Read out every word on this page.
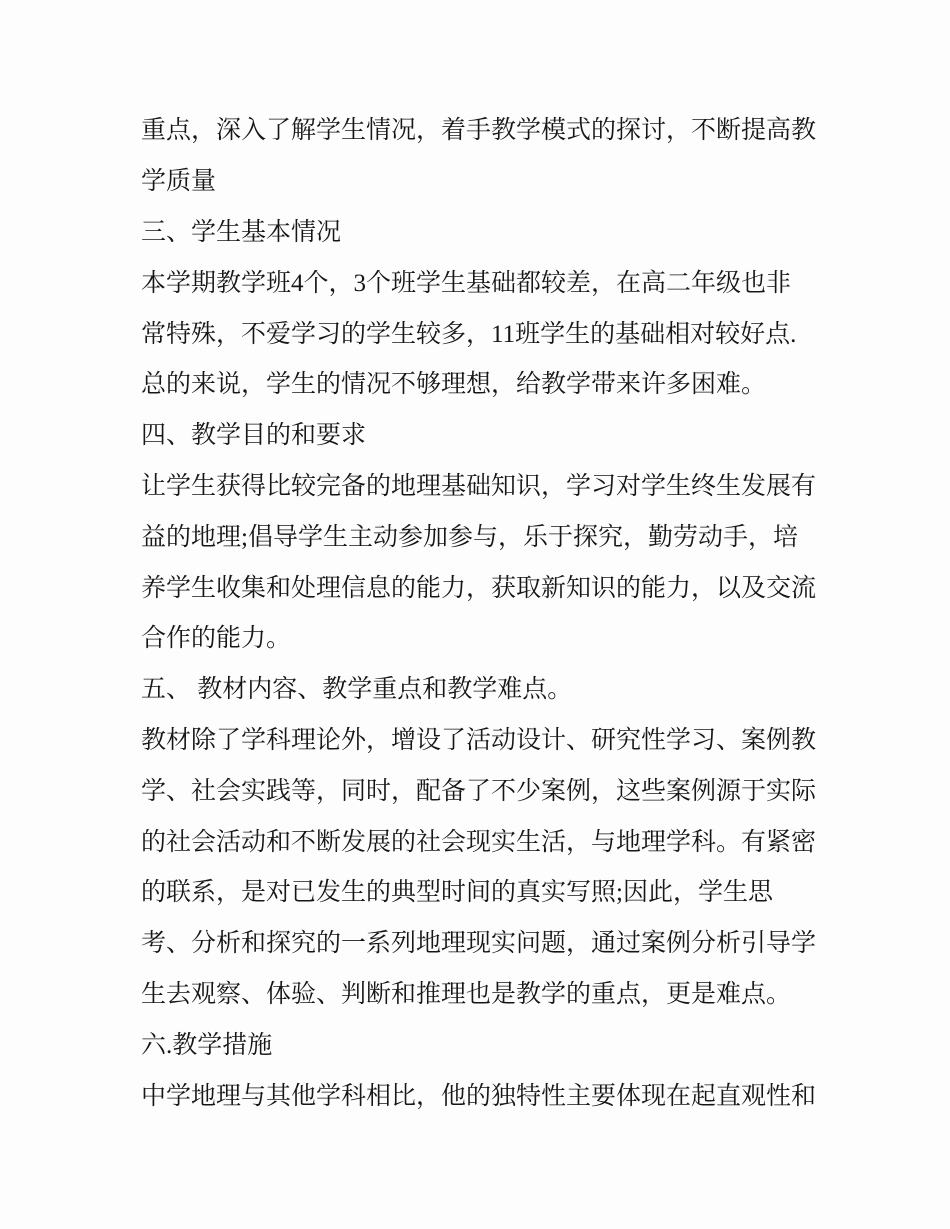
重点，深入了解学生情况，着手教学模式的探讨，不断提高教
学质量
三、学生基本情况
本学期教学班4个，3个班学生基础都较差，在高二年级也非
常特殊，不爱学习的学生较多，11班学生的基础相对较好点.
总的来说，学生的情况不够理想，给教学带来许多困难。
四、教学目的和要求
让学生获得比较完备的地理基础知识，学习对学生终生发展有
益的地理;倡导学生主动参加参与，乐于探究，勤劳动手，培
养学生收集和处理信息的能力，获取新知识的能力，以及交流
合作的能力。
五、 教材内容、教学重点和教学难点。
教材除了学科理论外，增设了活动设计、研究性学习、案例教
学、社会实践等，同时，配备了不少案例，这些案例源于实际
的社会活动和不断发展的社会现实生活，与地理学科。有紧密
的联系，是对已发生的典型时间的真实写照;因此，学生思
考、分析和探究的一系列地理现实问题，通过案例分析引导学
生去观察、体验、判断和推理也是教学的重点，更是难点。
六.教学措施
中学地理与其他学科相比，他的独特性主要体现在起直观性和
